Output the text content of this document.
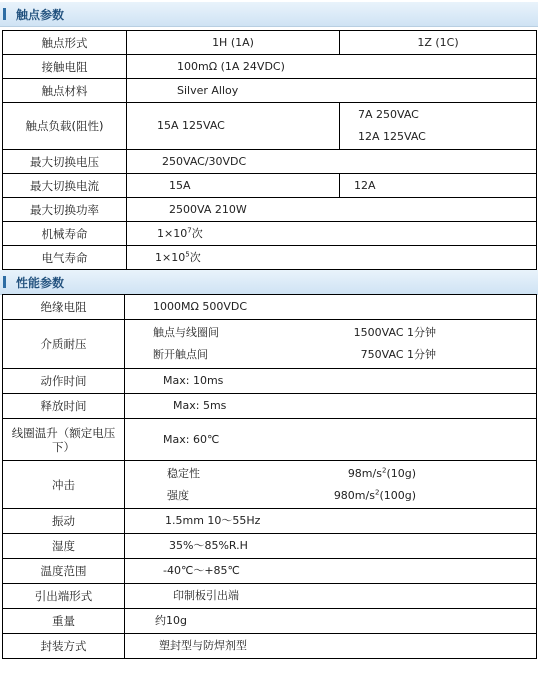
触点参数
触点形式	1H (1A)	1Z (1C)
接触电阻	100mΩ (1A 24VDC)	
触点材料	Silver Alloy	
触点负载(阻性)	15A 125VAC	7A 250VAC
12A 125VAC

最大切换电压	250VAC/30VDC	
最大切换电流	15A	12A
最大切换功率	2500VA 210W	
机械寿命	$1\times 10^7$次	
电气寿命	$1\times 10^5$次	
性能参数
绝缘电阻	1000MΩ 500VDC
介质耐压	触点与线圈间 1500VAC 1分钟
断开触点间 750VAC 1分钟

动作时间	Max: 10ms
释放时间	Max: 5ms
线圈温升（额定电压下）	Max: 60℃
冲击	稳定性 $98m/s^2(10g)$
强度 $980m/s^2(100g)$

振动	1.5mm 10～55Hz
湿度	35%～85%R.H
温度范围	-40℃～+85℃
引出端形式	印制板引出端
重量	约10g
封装方式	塑封型与防焊剂型
